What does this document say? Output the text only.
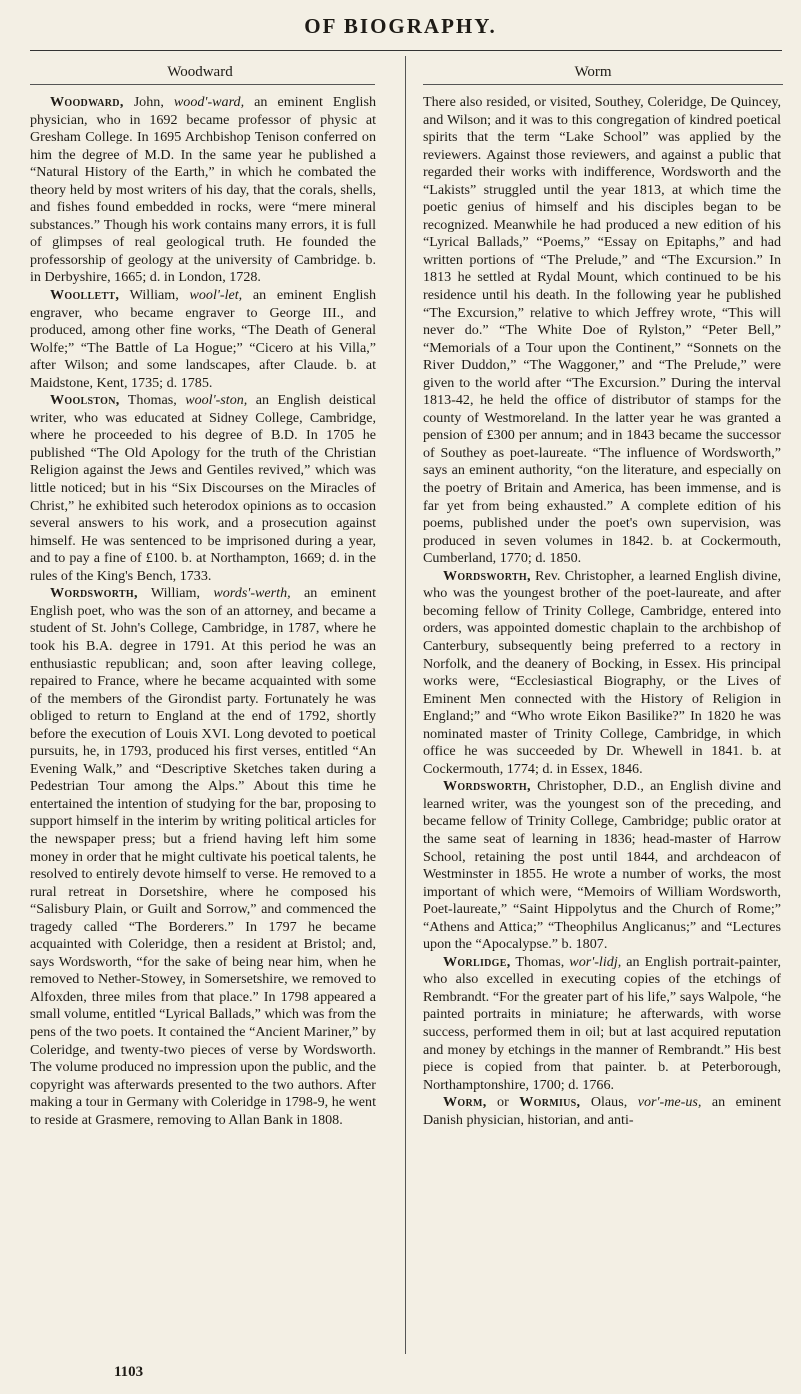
OF BIOGRAPHY.
Woodward	Worm

Woodward, John, wood'-ward, an eminent English physician, who in 1692 became professor of physic at Gresham College. In 1695 Archbishop Tenison conferred on him the degree of M.D. In the same year he published a “Natural History of the Earth,” in which he combated the theory held by most writers of his day, that the corals, shells, and fishes found embedded in rocks, were “mere mineral substances.” Though his work contains many errors, it is full of glimpses of real geological truth. He founded the professorship of geology at the university of Cambridge. b. in Derbyshire, 1665; d. in London, 1728.

Woollett, William, wool'-let, an eminent English engraver, who became engraver to George III., and produced, among other fine works, “The Death of General Wolfe;” “The Battle of La Hogue;” “Cicero at his Villa,” after Wilson; and some landscapes, after Claude. b. at Maidstone, Kent, 1735; d. 1785.

Woolston, Thomas, wool'-ston, an English deistical writer, who was educated at Sidney College, Cambridge, where he proceeded to his degree of B.D. In 1705 he published “The Old Apology for the truth of the Christian Religion against the Jews and Gentiles revived,” which was little noticed; but in his “Six Discourses on the Miracles of Christ,” he exhibited such heterodox opinions as to occasion several answers to his work, and a prosecution against himself. He was sentenced to be imprisoned during a year, and to pay a fine of £100. b. at Northampton, 1669; d. in the rules of the King's Bench, 1733.

Wordsworth, William, words'-werth, an eminent English poet, who was the son of an attorney, and became a student of St. John's College, Cambridge, in 1787, where he took his B.A. degree in 1791. At this period he was an enthusiastic republican; and, soon after leaving college, repaired to France, where he became acquainted with some of the members of the Girondist party. Fortunately he was obliged to return to England at the end of 1792, shortly before the execution of Louis XVI. Long devoted to poetical pursuits, he, in 1793, produced his first verses, entitled “An Evening Walk,” and “Descriptive Sketches taken during a Pedestrian Tour among the Alps.” About this time he entertained the intention of studying for the bar, proposing to support himself in the interim by writing political articles for the newspaper press; but a friend having left him some money in order that he might cultivate his poetical talents, he resolved to entirely devote himself to verse. He removed to a rural retreat in Dorsetshire, where he composed his “Salisbury Plain, or Guilt and Sorrow,” and commenced the tragedy called “The Borderers.” In 1797 he became acquainted with Coleridge, then a resident at Bristol; and, says Wordsworth, “for the sake of being near him, when he removed to Nether-Stowey, in Somersetshire, we removed to Alfoxden, three miles from that place.” In 1798 appeared a small volume, entitled “Lyrical Ballads,” which was from the pens of the two poets. It contained the “Ancient Mariner,” by Coleridge, and twenty-two pieces of verse by Wordsworth. The volume produced no impression upon the public, and the copyright was afterwards presented to the two authors. After making a tour in Germany with Coleridge in 1798-9, he went to reside at Grasmere, removing to Allan Bank in 1808.

There also resided, or visited, Southey, Coleridge, De Quincey, and Wilson; and it was to this congregation of kindred poetical spirits that the term “Lake School” was applied by the reviewers. Against those reviewers, and against a public that regarded their works with indifference, Wordsworth and the “Lakists” struggled until the year 1813, at which time the poetic genius of himself and his disciples began to be recognized. Meanwhile he had produced a new edition of his “Lyrical Ballads,” “Poems,” “Essay on Epitaphs,” and had written portions of “The Prelude,” and “The Excursion.” In 1813 he settled at Rydal Mount, which continued to be his residence until his death. In the following year he published “The Excursion,” relative to which Jeffrey wrote, “This will never do.” “The White Doe of Rylston,” “Peter Bell,” “Memorials of a Tour upon the Continent,” “Sonnets on the River Duddon,” “The Waggoner,” and “The Prelude,” were given to the world after “The Excursion.” During the interval 1813-42, he held the office of distributor of stamps for the county of Westmoreland. In the latter year he was granted a pension of £300 per annum; and in 1843 became the successor of Southey as poet-laureate. “The influence of Wordsworth,” says an eminent authority, “on the literature, and especially on the poetry of Britain and America, has been immense, and is far yet from being exhausted.” A complete edition of his poems, published under the poet's own supervision, was produced in seven volumes in 1842. b. at Cockermouth, Cumberland, 1770; d. 1850.

Wordsworth, Rev. Christopher, a learned English divine, who was the youngest brother of the poet-laureate, and after becoming fellow of Trinity College, Cambridge, entered into orders, was appointed domestic chaplain to the archbishop of Canterbury, subsequently being preferred to a rectory in Norfolk, and the deanery of Bocking, in Essex. His principal works were, “Ecclesiastical Biography, or the Lives of Eminent Men connected with the History of Religion in England;” and “Who wrote Eikon Basilike?” In 1820 he was nominated master of Trinity College, Cambridge, in which office he was succeeded by Dr. Whewell in 1841. b. at Cockermouth, 1774; d. in Essex, 1846.

Wordsworth, Christopher, D.D., an English divine and learned writer, was the youngest son of the preceding, and became fellow of Trinity College, Cambridge; public orator at the same seat of learning in 1836; head-master of Harrow School, retaining the post until 1844, and archdeacon of Westminster in 1855. He wrote a number of works, the most important of which were, “Memoirs of William Wordsworth, Poet-laureate,” “Saint Hippolytus and the Church of Rome;” “Athens and Attica;” “Theophilus Anglicanus;” and “Lectures upon the “Apocalypse.” b. 1807.

Worlidge, Thomas, wor'-lidj, an English portrait-painter, who also excelled in executing copies of the etchings of Rembrandt. “For the greater part of his life,” says Walpole, “he painted portraits in miniature; he afterwards, with worse success, performed them in oil; but at last acquired reputation and money by etchings in the manner of Rembrandt.” His best piece is copied from that painter. b. at Peterborough, Northamptonshire, 1700; d. 1766.

Worm, or Wormius, Olaus, vor'-me-us, an eminent Danish physician, historian, and anti-

1103
